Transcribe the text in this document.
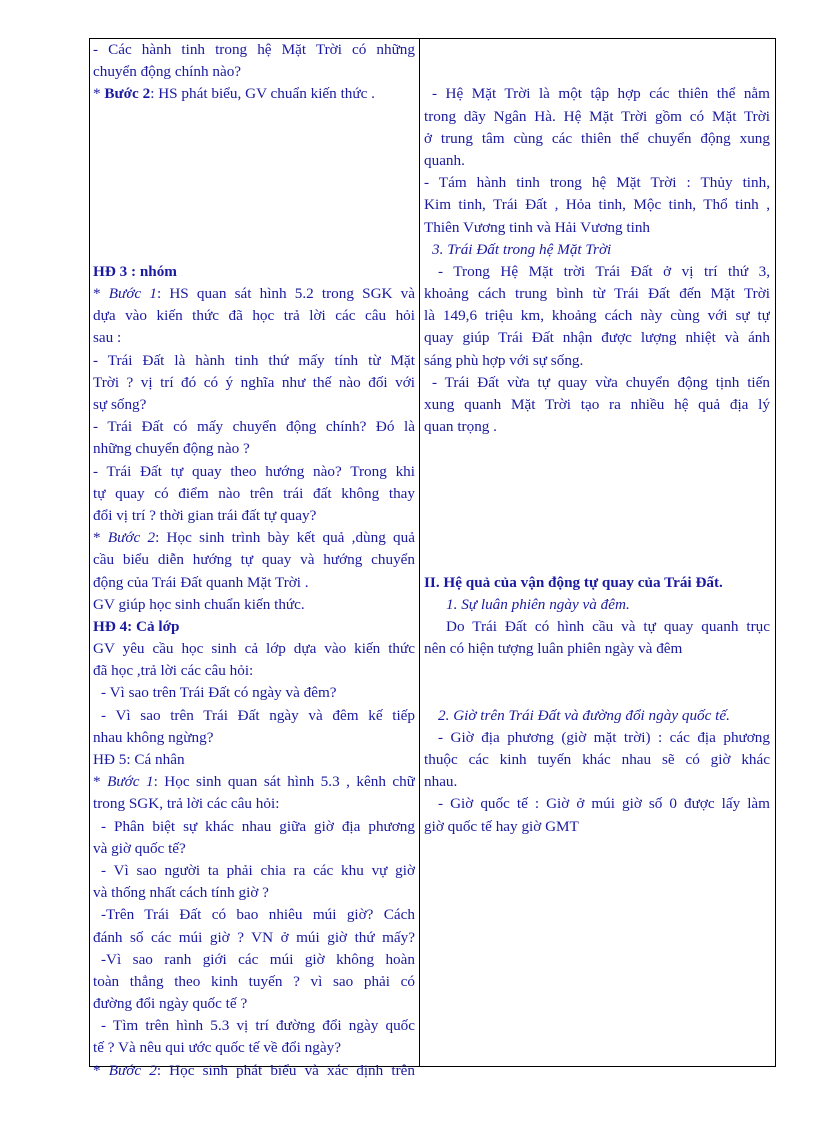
- Các hành tinh trong hệ Mặt Trời có những
chuyển động chính nào?
* Bước 2: HS phát biểu, GV chuẩn kiến thức .
HĐ 3 : nhóm
* Bước 1: HS quan sát hình 5.2 trong SGK và
dựa vào kiến thức đã học trả lời các câu hỏi
sau :
- Trái Đất là hành tinh thứ mấy tính từ Mặt
Trời ? vị trí đó có ý nghĩa như thế nào đối với
sự sống?
- Trái Đất có mấy chuyển động chính? Đó là
những chuyển động nào ?
- Trái Đất tự quay theo hướng nào? Trong khi
tự quay có điểm nào trên trái đất không thay
đổi vị trí ? thời gian trái đất tự quay?
* Bước 2: Học sinh trình bày kết quả ,dùng quả
cầu biểu diễn hướng tự quay và hướng chuyển
động của Trái Đất quanh Mặt Trời .
GV giúp học sinh chuẩn kiến thức.
HĐ 4: Cả lớp
GV yêu cầu học sinh cả lớp dựa vào kiến thức
đã học ,trả lời các câu hỏi:
- Vì sao trên Trái Đất có ngày và đêm?
- Vì sao trên Trái Đất ngày và đêm kế tiếp
nhau không ngừng?
HĐ 5: Cá nhân
* Bước 1: Học sinh quan sát hình 5.3 , kênh chữ
trong SGK, trả lời các câu hỏi:
- Phân biệt sự khác nhau giữa giờ địa phương
và giờ quốc tế?
- Vì sao người ta phải chia ra các khu vự giờ
và thống nhất cách tính giờ ?
-Trên Trái Đất có bao nhiêu múi giờ? Cách
đánh số các múi giờ ? VN ở múi giờ thứ mấy?
-Vì sao ranh giới các múi giờ không hoàn
toàn thẳng theo kinh tuyến ? vì sao phải có
đường đổi ngày quốc tế ?
- Tìm trên hình 5.3 vị trí đường đổi ngày quốc
tế ? Và nêu qui ước quốc tế về đổi ngày?
* Bước 2: Học sinh phát biểu và xác định trên
- Hệ Mặt Trời là một tập hợp các thiên thể nằm
trong dãy Ngân Hà. Hệ Mặt Trời gồm có Mặt Trời
ở trung tâm cùng các thiên thể chuyển động xung
quanh.
- Tám hành tinh trong hệ Mặt Trời : Thủy tinh,
Kim tinh, Trái Đất , Hỏa tinh, Mộc tinh, Thổ tinh ,
Thiên Vương tinh và Hải Vương tinh
3. Trái Đất trong hệ Mặt Trời
- Trong Hệ Mặt trời Trái Đất ở vị trí thứ 3,
khoảng cách trung bình từ Trái Đất đến Mặt Trời
là 149,6 triệu km, khoảng cách này cùng với sự tự
quay giúp Trái Đất nhận được lượng nhiệt và ánh
sáng phù hợp với sự sống.
- Trái Đất vừa tự quay vừa chuyển động tịnh tiến
xung quanh Mặt Trời tạo ra nhiều hệ quả địa lý
quan trọng .
II. Hệ quả của vận động tự quay của Trái Đất.
1. Sự luân phiên ngày và đêm.
Do Trái Đất có hình cầu và tự quay quanh trục
nên có hiện tượng luân phiên ngày và đêm
2. Giờ trên Trái Đất và đường đổi ngày quốc tế.
- Giờ địa phương (giờ mặt trời) : các địa phương
thuộc các kinh tuyến khác nhau sẽ có giờ khác
nhau.
- Giờ quốc tế : Giờ ở múi giờ số 0 được lấy làm
giờ quốc tế hay giờ GMT
